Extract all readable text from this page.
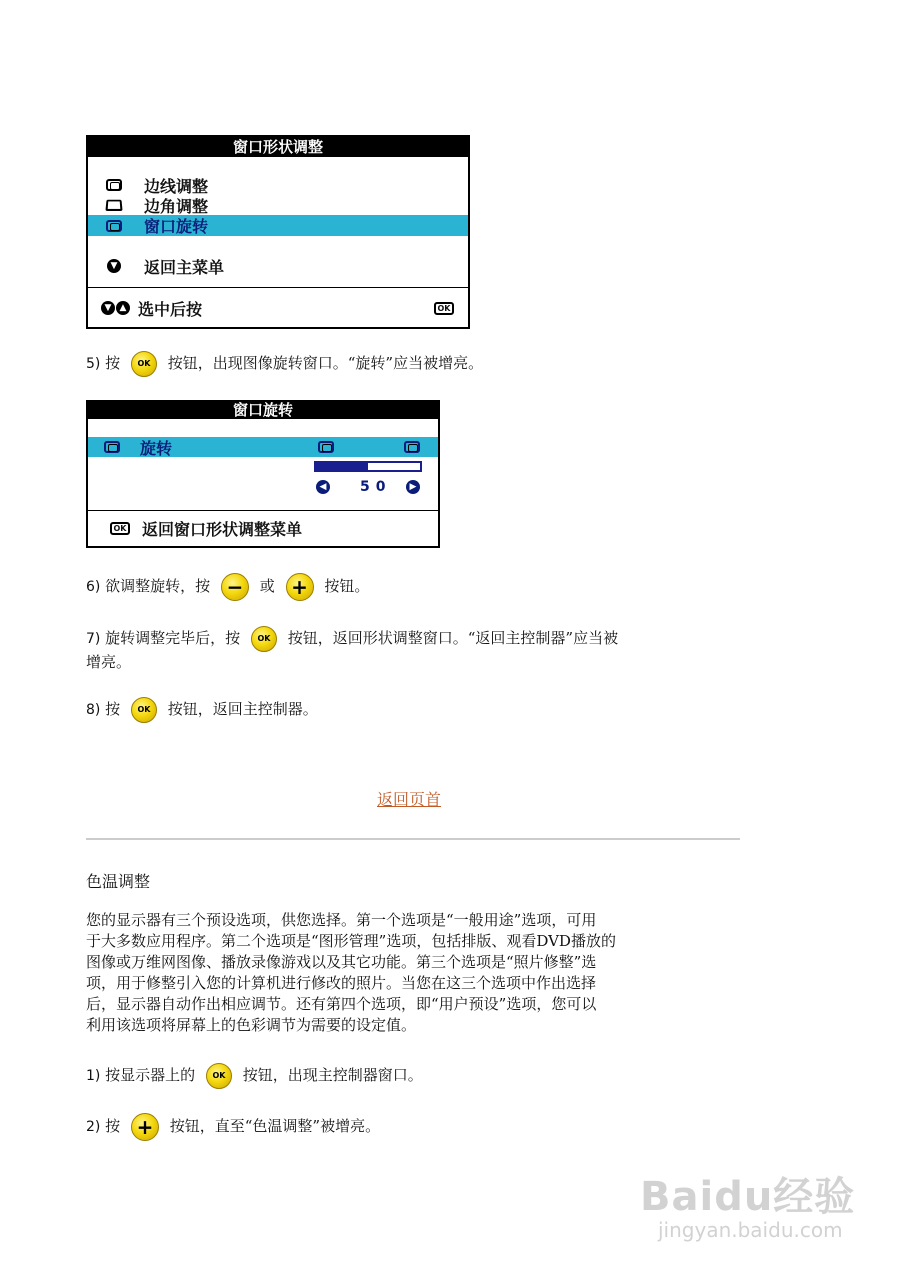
窗口形状调整
边线调整
边角调整
窗口旋转
▼ 返回主菜单
▼ ▲ 选中后按	OK
5) 按	OK	按钮，出现图像旋转窗口。“旋转”应当被增亮。
窗口旋转
旋转
◀ 50	▶
OK 返回窗口形状调整菜单
6) 欲调整旋转，按 −	或 +	按钮。
7) 旋转调整完毕后，按	OK	按钮，返回形状调整窗口。“返回主控制器”应当被
增亮。
8) 按	OK	按钮，返回主控制器。
返回页首
色温调整
您的显示器有三个预设选项，供您选择。第一个选项是“一般用途”选项，可用
于大多数应用程序。第二个选项是“图形管理”选项，包括排版、观看DVD播放的
图像或万维网图像、播放录像游戏以及其它功能。第三个选项是“照片修整”选
项，用于修整引入您的计算机进行修改的照片。当您在这三个选项中作出选择
后，显示器自动作出相应调节。还有第四个选项，即“用户预设”选项，您可以
利用该选项将屏幕上的色彩调节为需要的设定值。
1) 按显示器上的	OK	按钮，出现主控制器窗口。
2) 按 +	按钮，直至“色温调整”被增亮。
Baidu经验
jingyan.baidu.com
